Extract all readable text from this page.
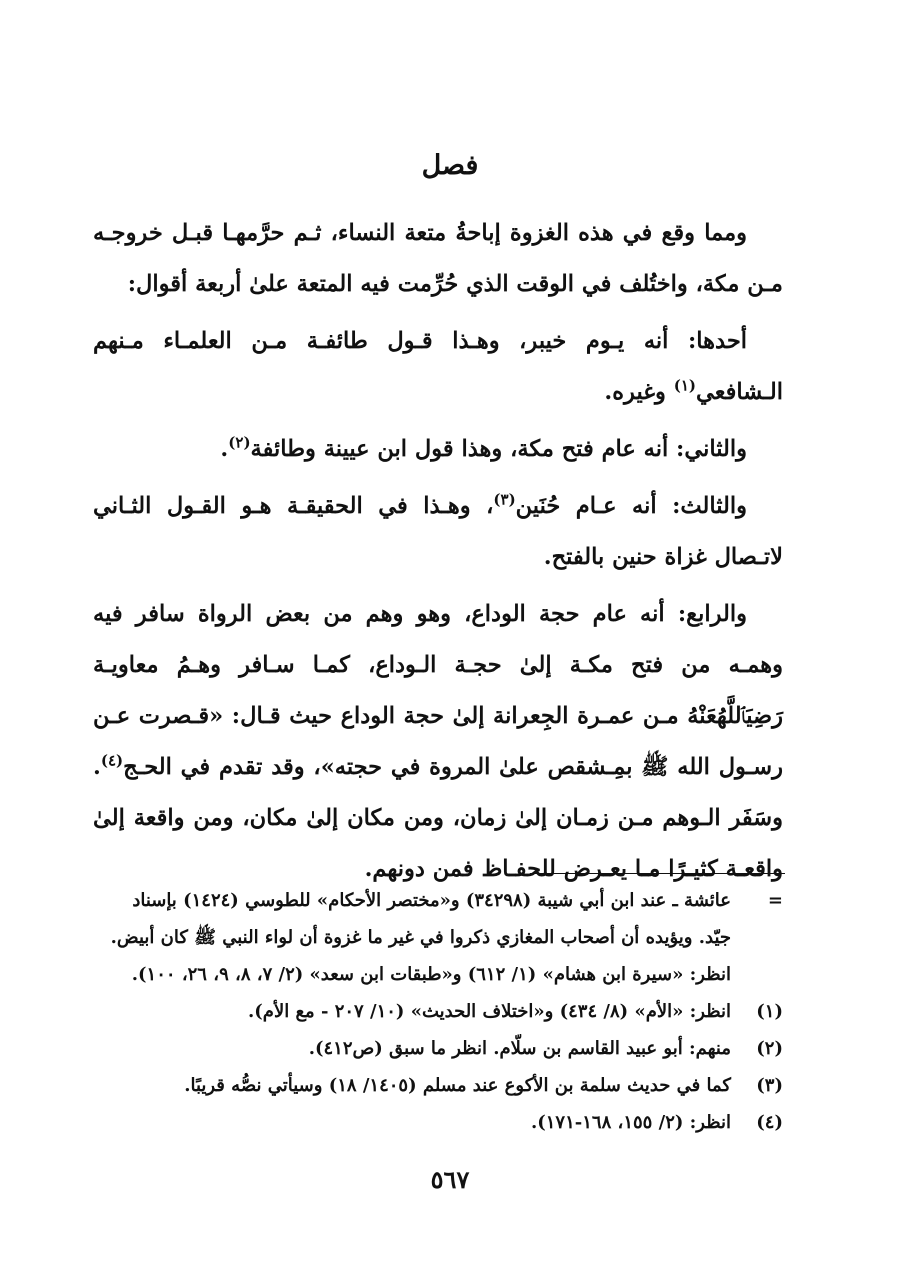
فصل

ومما وقع في هذه الغزوة إباحةُ متعة النساء، ثـم حرَّمهـا قبـل خروجـه مـن مكة، واختُلف في الوقت الذي حُرِّمت فيه المتعة علىٰ أربعة أقوال:

أحدها: أنه يـوم خيبر، وهـذا قـول طائفـة مـن العلمـاء مـنهم الـشافعي$^{(١)}$ وغيره.

والثاني: أنه عام فتح مكة، وهذا قول ابن عيينة وطائفة$^{(٢)}$.

والثالث: أنه عـام حُنَين$^{(٣)}$، وهـذا في الحقيقـة هـو القـول الثـاني لاتـصال غزاة حنين بالفتح.

والرابع: أنه عام حجة الوداع، وهو وهم من بعض الرواة سافر فيه وهمـه من فتح مكـة إلىٰ حجـة الـوداع، كمـا سـافر وهـمُ معاويـة رَضِيَٱللَّهُعَنْهُ مـن عمـرة الجِعرانة إلىٰ حجة الوداع حيث قـال: «قـصرت عـن رسـول الله ﷺ بمِـشقص علىٰ المروة في حجته»، وقد تقدم في الحـج$^{(٤)}$. وسَفَر الـوهم مـن زمـان إلىٰ زمان، ومن مكان إلىٰ مكان، ومن واقعة إلىٰ واقعـة كثيـرًا مـا يعـرض للحفـاظ فمن دونهم.

=
عائشة ـ عند ابن أبي شيبة (٣٤٢٩٨) و«مختصر الأحكام» للطوسي (١٤٢٤) بإسناد
جيّد. ويؤيده أن أصحاب المغازي ذكروا في غير ما غزوة أن لواء النبي ﷺ كان أبيض.
انظر: «سيرة ابن هشام» (١/ ٦١٢) و«طبقات ابن سعد» (٢/ ٧، ٨، ٩، ٢٦، ١٠٠).
(١)
انظر: «الأم» (٨/ ٤٣٤) و«اختلاف الحديث» (١٠/ ٢٠٧ - مع الأم).
(٢)
منهم: أبو عبيد القاسم بن سلّام. انظر ما سبق (ص٤١٢).
(٣)
كما في حديث سلمة بن الأكوع عند مسلم (١٤٠٥/ ١٨) وسيأتي نصُّه قريبًا.
(٤)
انظر: (٢/ ١٥٥، ١٦٨-١٧١).
٥٦٧
